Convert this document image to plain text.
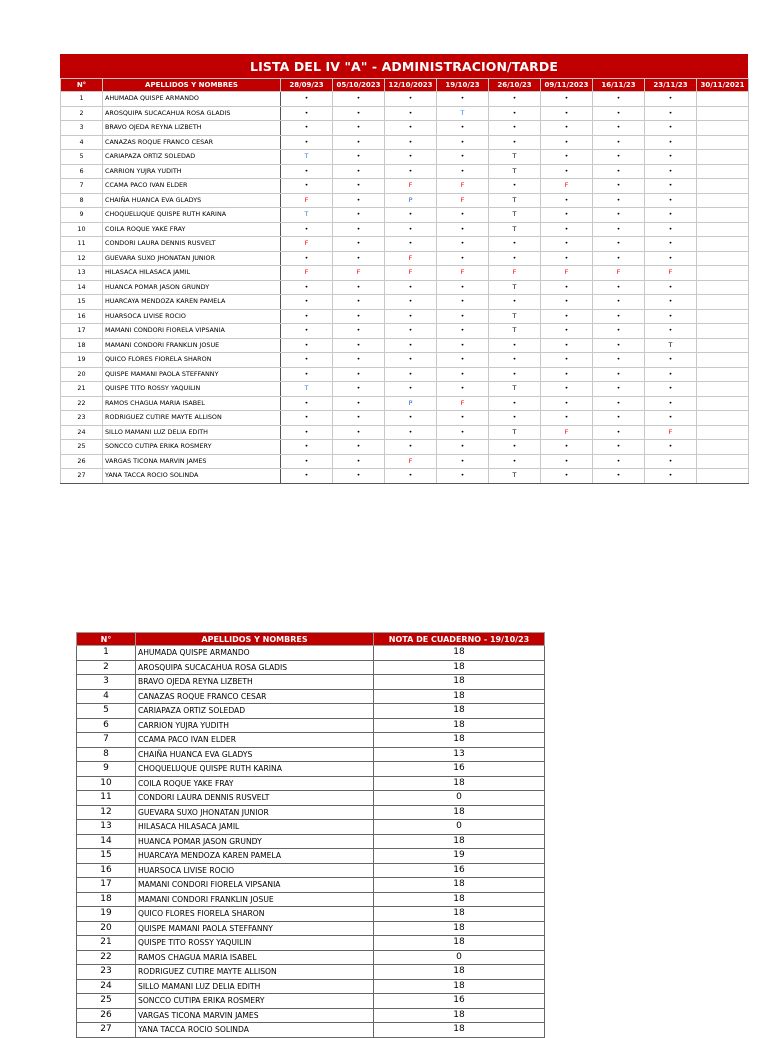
LISTA DEL IV "A" - ADMINISTRACION/TARDE
N°	APELLIDOS Y NOMBRES	28/09/23	05/10/2023	12/10/2023	19/10/23	26/10/23	09/11/2023	16/11/23	23/11/23	30/11/2021
1	AHUMADA QUISPE ARMANDO	•	•	•	•	•	•	•	•	
2	AROSQUIPA SUCACAHUA ROSA GLADIS	•	•	•	T	•	•	•	•	
3	BRAVO OJEDA REYNA LIZBETH	•	•	•	•	•	•	•	•	
4	CANAZAS ROQUE FRANCO CESAR	•	•	•	•	•	•	•	•	
5	CARIAPAZA ORTIZ SOLEDAD	T	•	•	•	T	•	•	•	
6	CARRION YUJRA YUDITH	•	•	•	•	T	•	•	•	
7	CCAMA PACO IVAN ELDER	•	•	F	F	•	F	•	•	
8	CHAIÑA HUANCA EVA GLADYS	F	•	P	F	T	•	•	•	
9	CHOQUELUQUE QUISPE RUTH KARINA	T	•	•	•	T	•	•	•	
10	COILA ROQUE YAKE FRAY	•	•	•	•	T	•	•	•	
11	CONDORI LAURA DENNIS RUSVELT	F	•	•	•	•	•	•	•	
12	GUEVARA SUXO JHONATAN JUNIOR	•	•	F	•	•	•	•	•	
13	HILASACA HILASACA JAMIL	F	F	F	F	F	F	F	F	
14	HUANCA POMAR JASON GRUNDY	•	•	•	•	T	•	•	•	
15	HUARCAYA MENDOZA KAREN PAMELA	•	•	•	•	•	•	•	•	
16	HUARSOCA LIVISE ROCIO	•	•	•	•	T	•	•	•	
17	MAMANI CONDORI FIORELA VIPSANIA	•	•	•	•	T	•	•	•	
18	MAMANI CONDORI FRANKLIN JOSUE	•	•	•	•	•	•	•	T	
19	QUICO FLORES FIORELA SHARON	•	•	•	•	•	•	•	•	
20	QUISPE MAMANI PAOLA STEFFANNY	•	•	•	•	•	•	•	•	
21	QUISPE TITO ROSSY YAQUILIN	T	•	•	•	T	•	•	•	
22	RAMOS CHAGUA MARIA ISABEL	•	•	P	F	•	•	•	•	
23	RODRIGUEZ CUTIRE MAYTE ALLISON	•	•	•	•	•	•	•	•	
24	SILLO MAMANI LUZ DELIA EDITH	•	•	•	•	T	F	•	F	
25	SONCCO CUTIPA ERIKA ROSMERY	•	•	•	•	•	•	•	•	
26	VARGAS TICONA MARVIN JAMES	•	•	F	•	•	•	•	•	
27	YANA TACCA ROCIO SOLINDA	•	•	•	•	T	•	•	•	
N°	APELLIDOS Y NOMBRES	NOTA DE CUADERNO - 19/10/23
1	AHUMADA QUISPE ARMANDO	18
2	AROSQUIPA SUCACAHUA ROSA GLADIS	18
3	BRAVO OJEDA REYNA LIZBETH	18
4	CANAZAS ROQUE FRANCO CESAR	18
5	CARIAPAZA ORTIZ SOLEDAD	18
6	CARRION YUJRA YUDITH	18
7	CCAMA PACO IVAN ELDER	18
8	CHAIÑA HUANCA EVA GLADYS	13
9	CHOQUELUQUE QUISPE RUTH KARINA	16
10	COILA ROQUE YAKE FRAY	18
11	CONDORI LAURA DENNIS RUSVELT	0
12	GUEVARA SUXO JHONATAN JUNIOR	18
13	HILASACA HILASACA JAMIL	0
14	HUANCA POMAR JASON GRUNDY	18
15	HUARCAYA MENDOZA KAREN PAMELA	19
16	HUARSOCA LIVISE ROCIO	16
17	MAMANI CONDORI FIORELA VIPSANIA	18
18	MAMANI CONDORI FRANKLIN JOSUE	18
19	QUICO FLORES FIORELA SHARON	18
20	QUISPE MAMANI PAOLA STEFFANNY	18
21	QUISPE TITO ROSSY YAQUILIN	18
22	RAMOS CHAGUA MARIA ISABEL	0
23	RODRIGUEZ CUTIRE MAYTE ALLISON	18
24	SILLO MAMANI LUZ DELIA EDITH	18
25	SONCCO CUTIPA ERIKA ROSMERY	16
26	VARGAS TICONA MARVIN JAMES	18
27	YANA TACCA ROCIO SOLINDA	18
